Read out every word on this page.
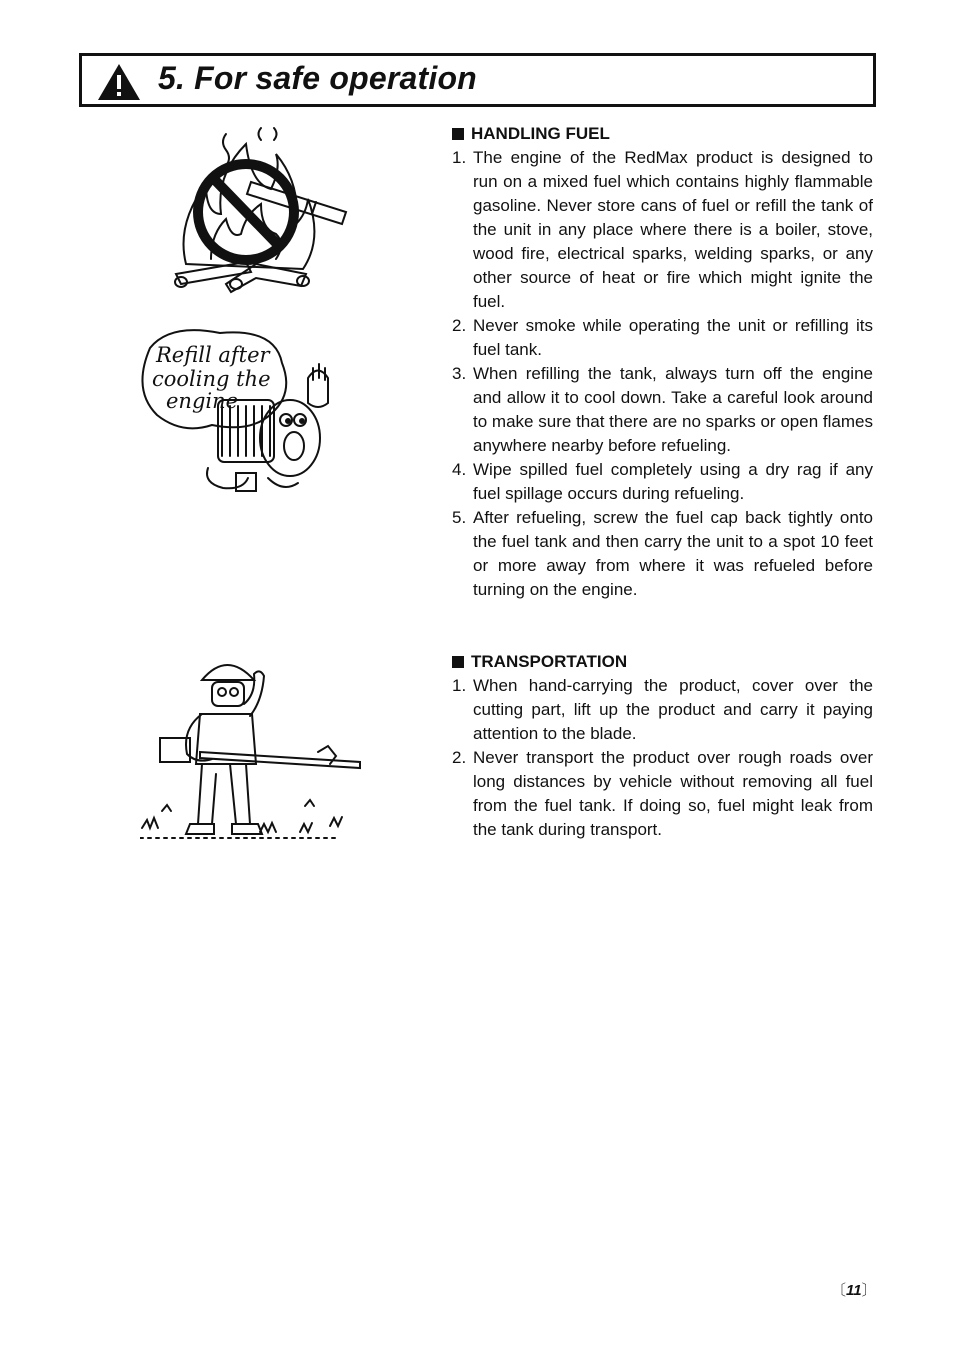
5. For safe operation
Refill after
cooling the
engine
HANDLING FUEL
1. The engine of the RedMax product is designed to run on a mixed fuel which contains highly flammable gasoline. Never store cans of fuel or refill the tank of the unit in any place where there is a boiler, stove, wood fire, electrical sparks, welding sparks, or any other source of heat or fire which might ignite the fuel.
2. Never smoke while operating the unit or refilling its fuel tank.
3. When refilling the tank, always turn off the engine and allow it to cool down. Take a careful look around to make sure that there are no sparks or open flames anywhere nearby before refueling.
4. Wipe spilled fuel completely using a dry rag if any fuel spillage occurs during refueling.
5. After refueling, screw the fuel cap back tightly onto the fuel tank and then carry the unit to a spot 10 feet or more away from where it was refueled before turning on the engine.
TRANSPORTATION
1. When hand-carrying the product, cover over the cutting part, lift up the product and carry it paying attention to the blade.
2. Never transport the product over rough roads over long distances by vehicle without removing all fuel from the fuel tank. If doing so, fuel might leak from the tank during transport.
〔11〕
